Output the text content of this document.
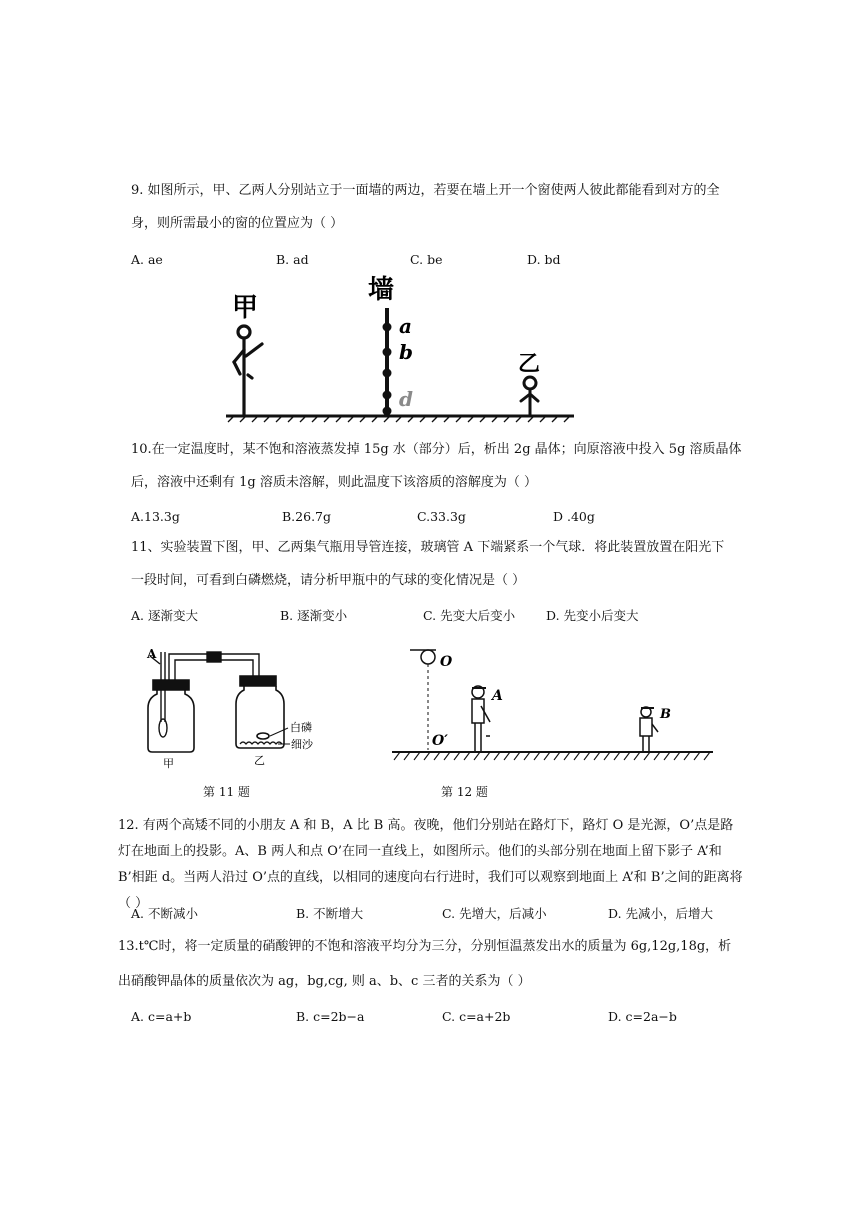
9. 如图所示，甲、乙两人分别站立于一面墙的两边，若要在墙上开一个窗使两人彼此都能看到对方的全
身，则所需最小的窗的位置应为（ ）
A. ae	B. ad	C. be	D. bd
甲
墙
乙
a
b
d
10.在一定温度时，某不饱和溶液蒸发掉 15g 水（部分）后，析出 2g 晶体；向原溶液中投入 5g 溶质晶体
后，溶液中还剩有 1g 溶质未溶解，则此温度下该溶质的溶解度为（ ）
A.13.3g	B.26.7g	C.33.3g	D .40g
11、实验装置下图，甲、乙两集气瓶用导管连接，玻璃管 A 下端紧系一个气球．将此装置放置在阳光下
一段时间，可看到白磷燃烧，请分析甲瓶中的气球的变化情况是（ ）
A. 逐渐变大	B. 逐渐变小	C. 先变大后变小 D. 先变小后变大
A
甲	乙
白磷
细沙
O
O′
A
B
第 11 题	第 12 题
12. 有两个高矮不同的小朋友 A 和 B，A 比 B 高。夜晚，他们分别站在路灯下，路灯 O 是光源，O’点是路灯在地面上的投影。A、B 两人和点 O’在同一直线上，如图所示。他们的头部分别在地面上留下影子 A’和 B’相距 d。当两人沿过 O’点的直线，以相同的速度向右行进时，我们可以观察到地面上 A’和 B’之间的距离将（ ）
A. 不断减小	B. 不断增大	C. 先增大，后减小	D. 先减小，后增大
13.t℃时，将一定质量的硝酸钾的不饱和溶液平均分为三分，分别恒温蒸发出水的质量为 6g,12g,18g，析
出硝酸钾晶体的质量依次为 ag，bg,cg, 则 a、b、c 三者的关系为（ ）
A. c=a+b	B. c=2b−a	C. c=a+2b	D. c=2a−b
